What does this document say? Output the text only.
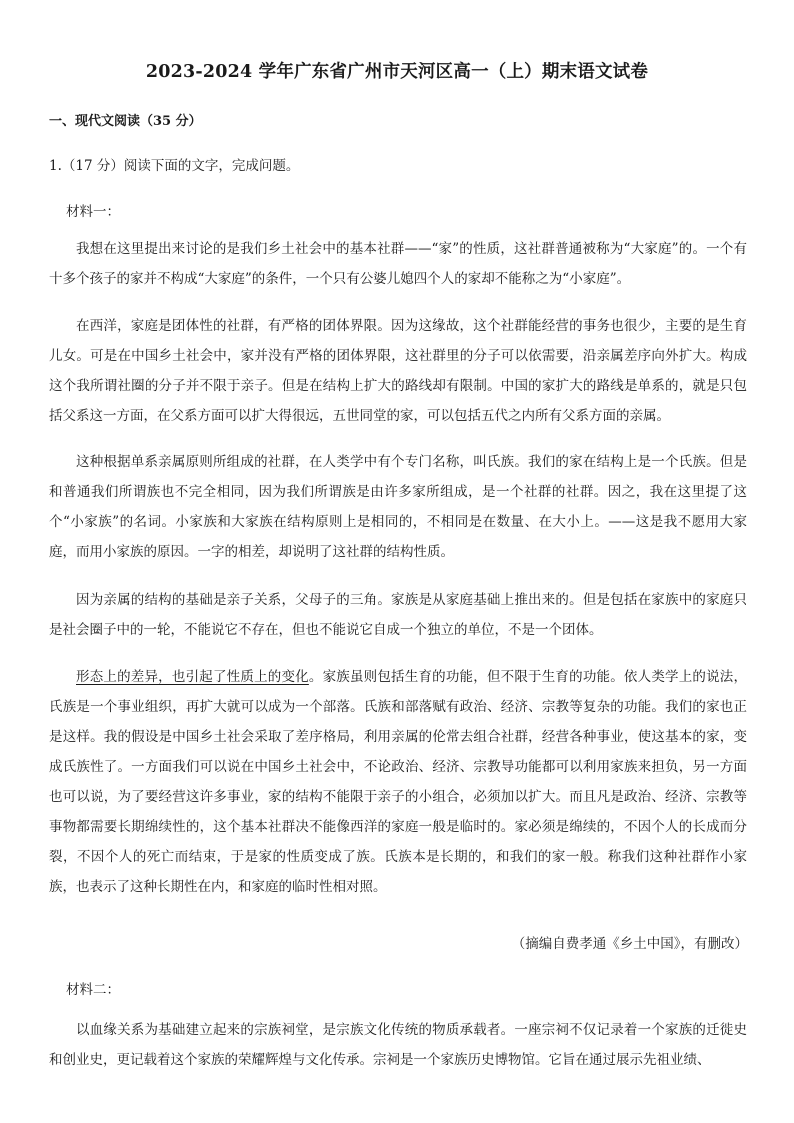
2023-2024 学年广东省广州市天河区高一（上）期末语文试卷
一、现代文阅读（35 分）
1.（17 分）阅读下面的文字，完成问题。
材料一：

我想在这里提出来讨论的是我们乡土社会中的基本社群——“家”的性质，这社群普通被称为“大家庭”的。一个有十多个孩子的家并不构成“大家庭”的条件，一个只有公婆儿媳四个人的家却不能称之为“小家庭”。

在西洋，家庭是团体性的社群，有严格的团体界限。因为这缘故，这个社群能经营的事务也很少，主要的是生育儿女。可是在中国乡土社会中，家并没有严格的团体界限，这社群里的分子可以依需要，沿亲属差序向外扩大。构成这个我所谓社圈的分子并不限于亲子。但是在结构上扩大的路线却有限制。中国的家扩大的路线是单系的，就是只包括父系这一方面，在父系方面可以扩大得很远，五世同堂的家，可以包括五代之内所有父系方面的亲属。

这种根据单系亲属原则所组成的社群，在人类学中有个专门名称，叫氏族。我们的家在结构上是一个氏族。但是和普通我们所谓族也不完全相同，因为我们所谓族是由许多家所组成，是一个社群的社群。因之，我在这里提了这个“小家族”的名词。小家族和大家族在结构原则上是相同的，不相同是在数量、在大小上。——这是我不愿用大家庭，而用小家族的原因。一字的相差，却说明了这社群的结构性质。

因为亲属的结构的基础是亲子关系，父母子的三角。家族是从家庭基础上推出来的。但是包括在家族中的家庭只是社会圈子中的一轮，不能说它不存在，但也不能说它自成一个独立的单位，不是一个团体。

形态上的差异，也引起了性质上的变化。家族虽则包括生育的功能，但不限于生育的功能。依人类学上的说法，氏族是一个事业组织，再扩大就可以成为一个部落。氏族和部落赋有政治、经济、宗教等复杂的功能。我们的家也正是这样。我的假设是中国乡土社会采取了差序格局，利用亲属的伦常去组合社群，经营各种事业，使这基本的家，变成氏族性了。一方面我们可以说在中国乡土社会中，不论政治、经济、宗教导功能都可以利用家族来担负，另一方面也可以说，为了要经营这许多事业，家的结构不能限于亲子的小组合，必须加以扩大。而且凡是政治、经济、宗教等事物都需要长期绵续性的，这个基本社群决不能像西洋的家庭一般是临时的。家必须是绵续的，不因个人的长成而分裂，不因个人的死亡而结束，于是家的性质变成了族。氏族本是长期的，和我们的家一般。称我们这种社群作小家族，也表示了这种长期性在内，和家庭的临时性相对照。

（摘编自费孝通《乡土中国》，有删改）
材料二：

以血缘关系为基础建立起来的宗族祠堂，是宗族文化传统的物质承载者。一座宗祠不仅记录着一个家族的迁徙史和创业史，更记载着这个家族的荣耀辉煌与文化传承。宗祠是一个家族历史博物馆。它旨在通过展示先祖业绩、
